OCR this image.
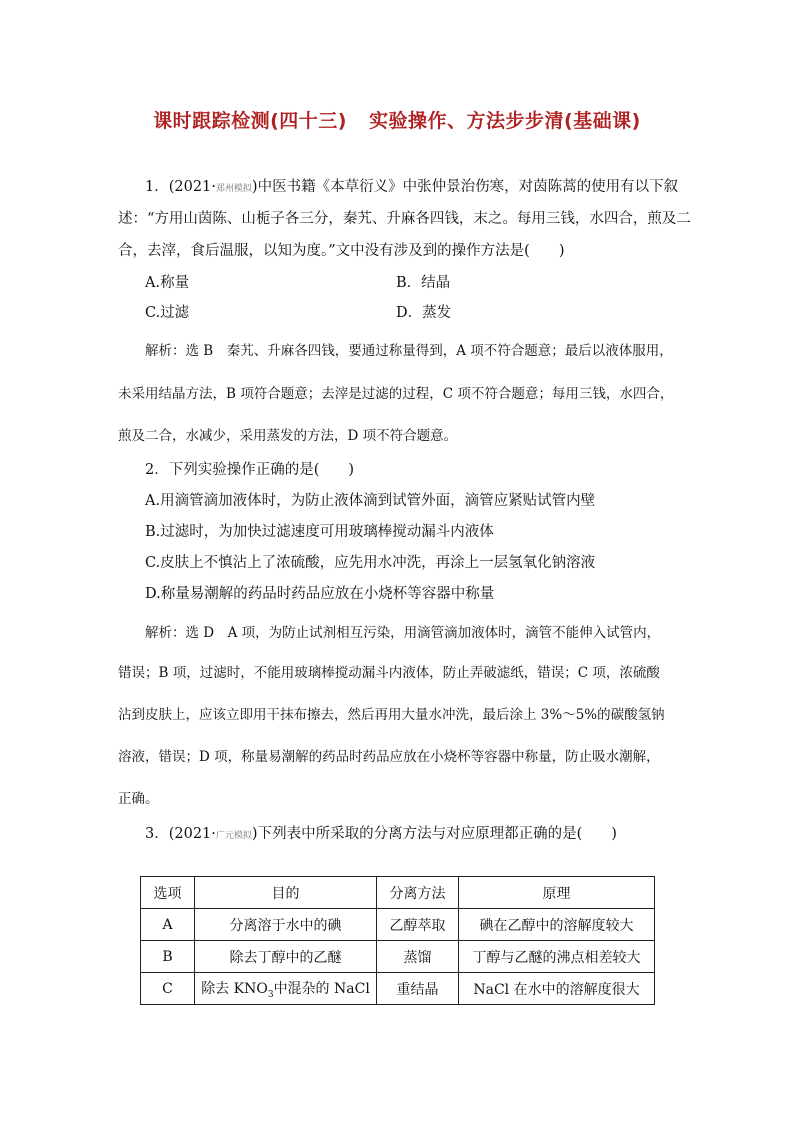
课时跟踪检测(四十三) 实验操作、方法步步清(基础课)
1．(2021·郑州模拟)中医书籍《本草衍义》中张仲景治伤寒，对茵陈蒿的使用有以下叙
述：“方用山茵陈、山栀子各三分，秦艽、升麻各四钱，末之。每用三钱，水四合，煎及二
合，去滓，食后温服，以知为度。”文中没有涉及到的操作方法是(　　)
A.称量	B．结晶
C.过滤	D．蒸发
解析：选 B　秦艽、升麻各四钱，要通过称量得到，A 项不符合题意；最后以液体服用，
未采用结晶方法，B 项符合题意；去滓是过滤的过程，C 项不符合题意；每用三钱，水四合，
煎及二合，水减少，采用蒸发的方法，D 项不符合题意。
2．下列实验操作正确的是(　　)
A.用滴管滴加液体时，为防止液体滴到试管外面，滴管应紧贴试管内壁
B.过滤时，为加快过滤速度可用玻璃棒搅动漏斗内液体
C.皮肤上不慎沾上了浓硫酸，应先用水冲洗，再涂上一层氢氧化钠溶液
D.称量易潮解的药品时药品应放在小烧杯等容器中称量
解析：选 D　A 项，为防止试剂相互污染，用滴管滴加液体时，滴管不能伸入试管内，
错误；B 项，过滤时，不能用玻璃棒搅动漏斗内液体，防止弄破滤纸，错误；C 项，浓硫酸
沾到皮肤上，应该立即用干抹布擦去，然后再用大量水冲洗，最后涂上 3%～5%的碳酸氢钠
溶液，错误；D 项，称量易潮解的药品时药品应放在小烧杯等容器中称量，防止吸水潮解，
正确。
3．(2021·广元模拟)下列表中所采取的分离方法与对应原理都正确的是(　　)
选项	目的	分离方法	原理
A	分离溶于水中的碘	乙醇萃取	碘在乙醇中的溶解度较大
B	除去丁醇中的乙醚	蒸馏	丁醇与乙醚的沸点相差较大
C	除去 $KNO_3$中混杂的 NaCl	重结晶	NaCl 在水中的溶解度很大
